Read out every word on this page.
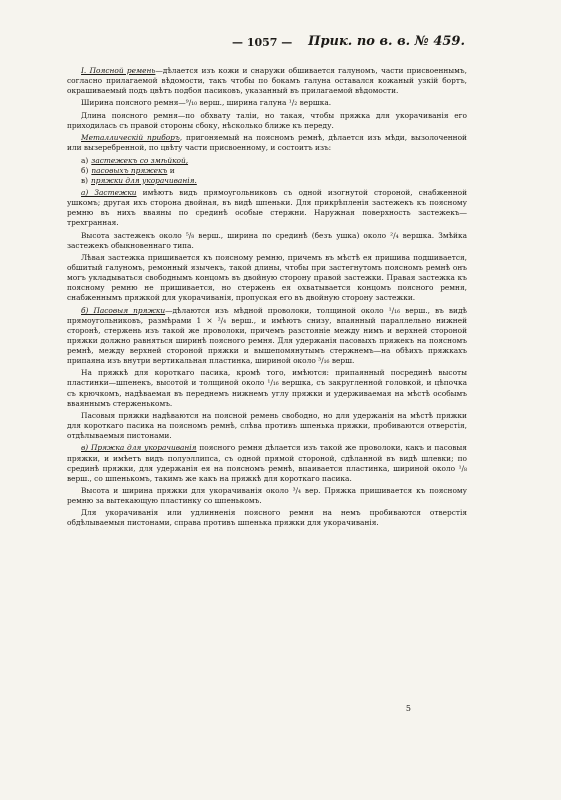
— 1057 — Прик. по в. в. № 459.

I. Поясной ремень—дѣлается изъ кожи и снаружи обшивается галуномъ, части присвоеннымъ, согласно прилагаемой вѣдомости, такъ чтобы по бокамъ галуна оставался кожаный узкій бортъ, окрашиваемый подъ цвѣтъ подбоя пасиковъ, указанный въ прилагаемой вѣдомости.

Ширина поясного ремня—⁹/₁₀ верш., ширина галуна ¹/₂ вершка.

Длина поясного ремня—по обхвату таліи, но такая, чтобы пряжка для укорачиванія его приходилась съ правой стороны сбоку, нѣсколько ближе къ переду.

Металлическій приборъ, пригоняемый на поясномъ ремнѣ, дѣлается изъ мѣди, вызолоченной или вызеребренной, по цвѣту части присвоенному, и состоитъ изъ:

а) застежекъ со змѣйкой,
б) пасовыхъ пряжекъ и
в) пряжки для укорачиванія.

а) Застежки имѣютъ видъ прямоугольниковъ съ одной изогнутой стороной, снабженной ушкомъ; другая ихъ сторона двойная, въ видѣ шпеньки. Для прикрѣпленія застежекъ къ поясному ремню въ нихъ вваяны по срединѣ особые стержни. Наружная поверхность застежекъ—трехгранная.

Высота застежекъ около ⁵/₈ верш., ширина по срединѣ (безъ ушка) около ²/₄ вершка. Змѣйка застежекъ обыкновеннаго типа.

Лѣвая застежка пришивается къ поясному ремню, причемъ въ мѣстѣ ея пришива подшивается, обшитый галуномъ, ремонный язычекъ, такой длины, чтобы при застегнутомъ поясномъ ремнѣ онъ могъ укладываться свободнымъ концомъ въ двойную сторону правой застежки. Правая застежка къ поясному ремню не пришивается, но стержень ея охватывается концомъ поясного ремня, снабженнымъ пряжкой для укорачиванія, пропуская его въ двойную сторону застежки.

б) Пасовыя пряжки—дѣлаются изъ мѣдной проволоки, толщиной около ¹/₁₆ верш., въ видѣ прямоугольниковъ, размѣрами 1 × ²/₄ верш., и имѣютъ снизу, впаянный параллельно нижней сторонѣ, стержень изъ такой же проволоки, причемъ разстояніе между нимъ и верхней стороной пряжки должно равняться ширинѣ поясного ремня. Для удержанія пасовыхъ пряжекъ на поясномъ ремнѣ, между верхней стороной пряжки и вышепомянутымъ стержнемъ—на обѣихъ пряжкахъ припаяна изъ внутри вертикальная пластинка, шириной около ³/₁₆ верш.

На пряжкѣ для короткаго пасика, кромѣ того, имѣются: припаянный посрединѣ высоты пластинки—шпенекъ, высотой и толщиной около ¹/₁₆ вершка, съ закругленной головкой, и цѣпочка съ крючкомъ, надѣваемая въ переднемъ нижнемъ углу пряжки и удерживаемая на мѣстѣ особымъ вваяннымъ стерженькомъ.

Пасовыя пряжки надѣваются на поясной ремень свободно, но для удержанія на мѣстѣ пряжки для короткаго пасика на поясномъ ремнѣ, слѣва противъ шпенька пряжки, пробиваются отверстія, отдѣлываемыя пистонами.

в) Пряжка для укорачиванія поясного ремня дѣлается изъ такой же проволоки, какъ и пасовыя пряжки, и имѣетъ видъ полуэллипса, съ одной прямой стороной, сдѣланной въ видѣ шлевки; по срединѣ пряжки, для удержанія ея на поясномъ ремнѣ, впаивается пластинка, шириной около ¹/₈ верш., со шпенькомъ, такимъ же какъ на пряжкѣ для короткаго пасика.

Высота и ширина пряжки для укорачиванія около ³/₄ вер. Пряжка пришивается къ поясному ремню за вытекающую пластинку со шпенькомъ.

Для укорачиванія или удлинненія поясного ремня на немъ пробиваются отверстія обдѣлываемыя пистонами, справа противъ шпенька пряжки для укорачиванія.

5
